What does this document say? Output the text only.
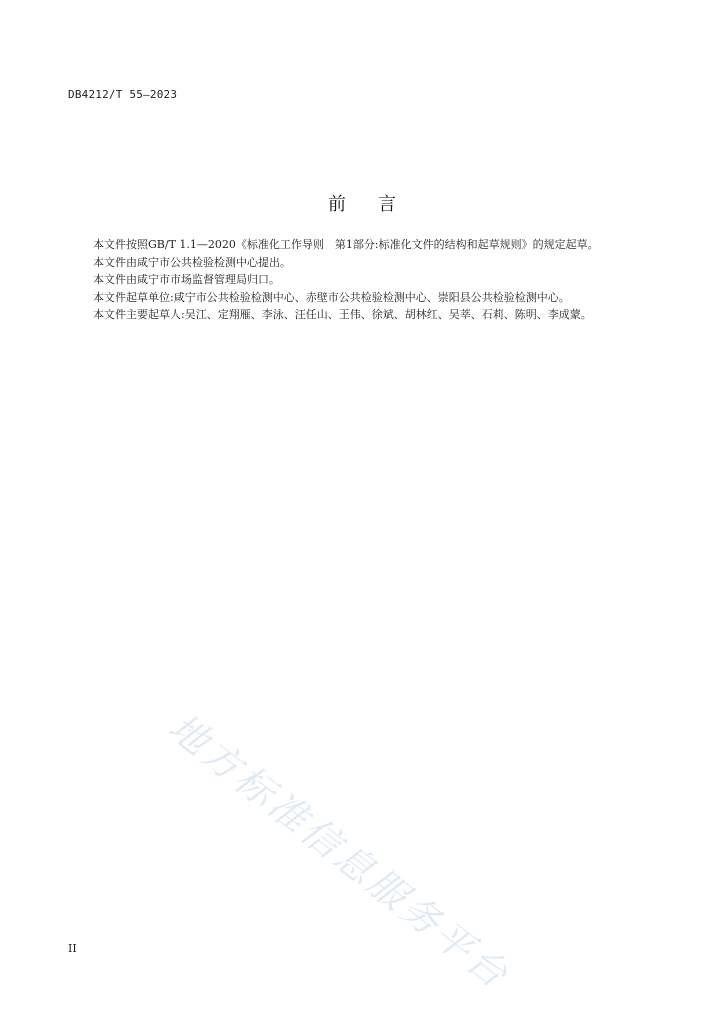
DB4212/T 55—2023
前言

本文件按照GB/T 1.1—2020《标准化工作导则　第1部分:标准化文件的结构和起草规则》的规定起草。

本文件由咸宁市公共检验检测中心提出。

本文件由咸宁市市场监督管理局归口。

本文件起草单位:咸宁市公共检验检测中心、赤壁市公共检验检测中心、崇阳县公共检验检测中心。

本文件主要起草人:吴江、定翔雁、李泳、汪任山、王伟、徐斌、胡林红、吴莘、石莉、陈明、李成蒙。

地方标准信息服务平台
II
